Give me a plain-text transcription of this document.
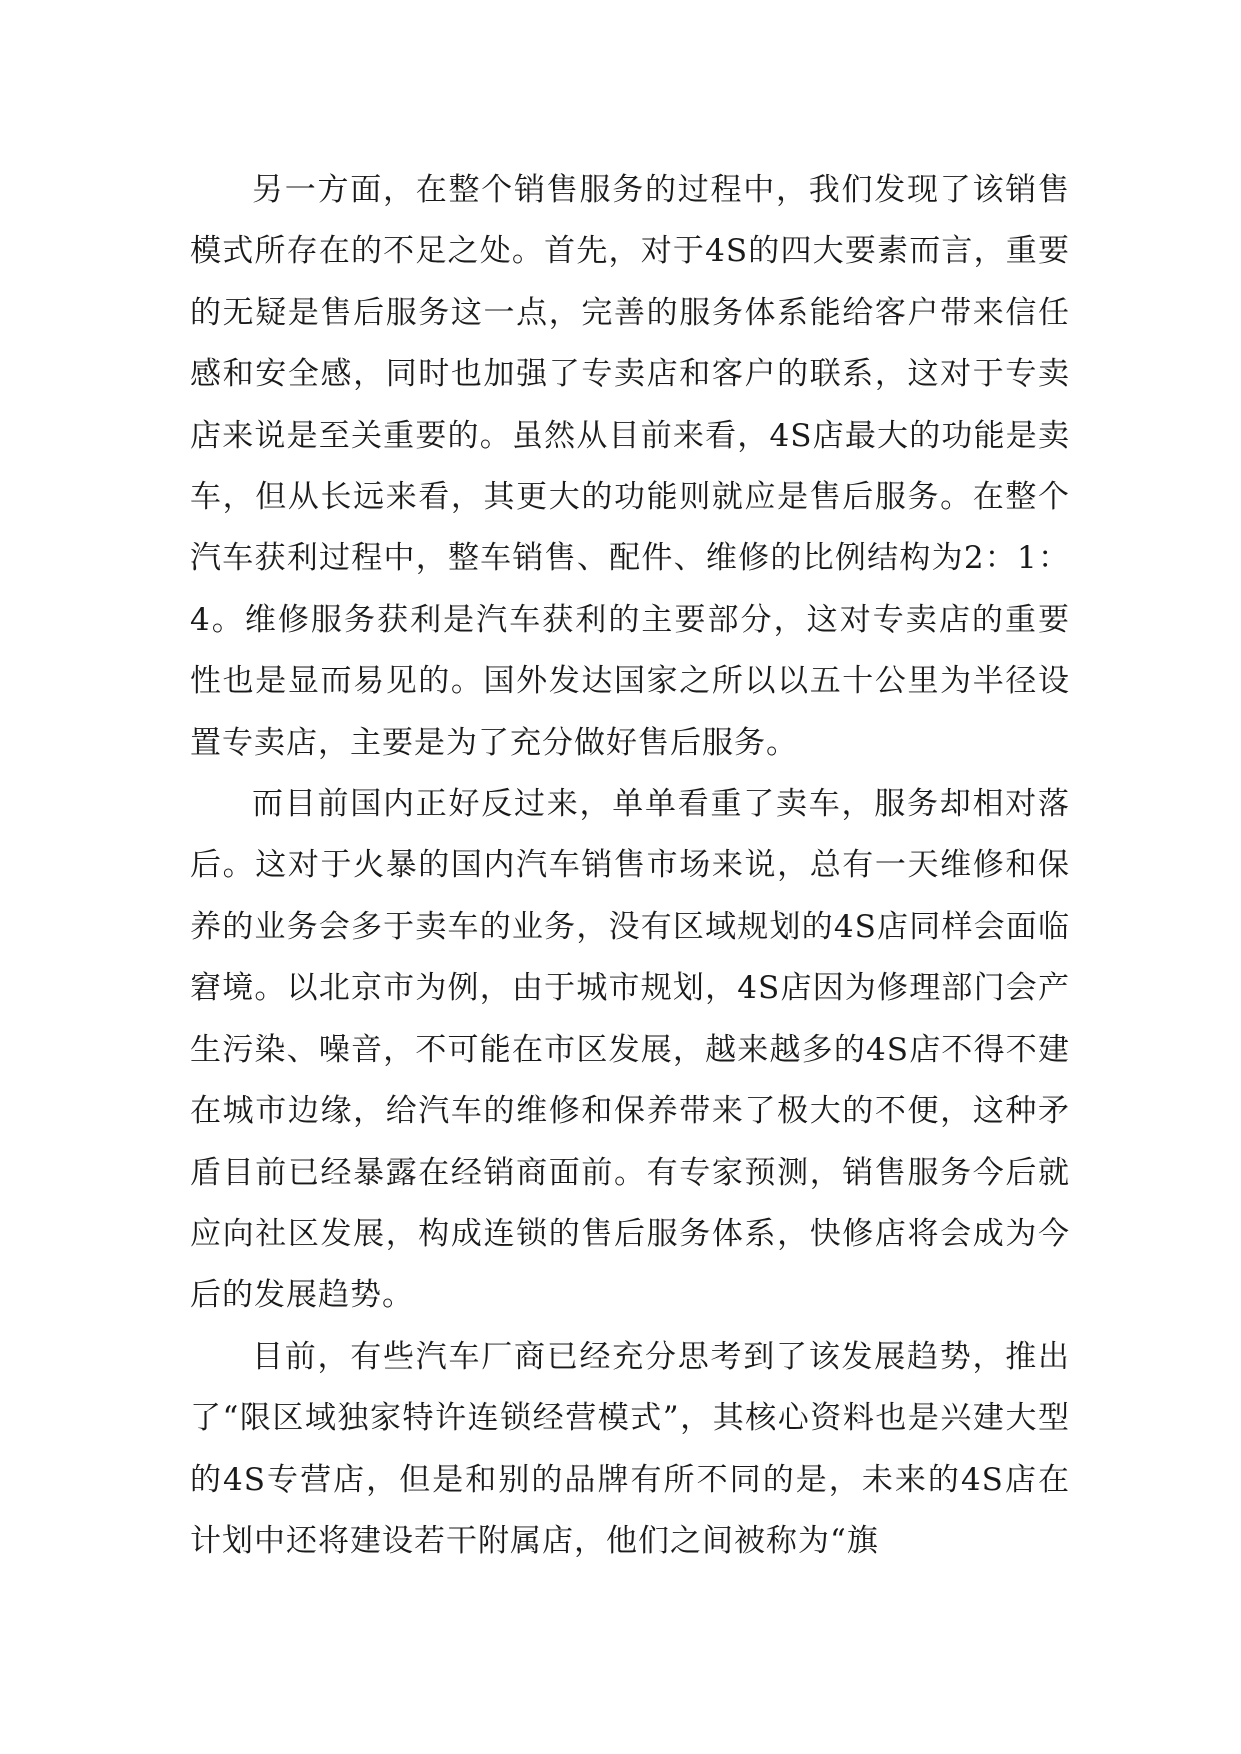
另一方面，在整个销售服务的过程中，我们发现了该销售模式所存在的不足之处。首先，对于4S的四大要素而言，重要的无疑是售后服务这一点，完善的服务体系能给客户带来信任感和安全感，同时也加强了专卖店和客户的联系，这对于专卖店来说是至关重要的。虽然从目前来看，4S店最大的功能是卖车，但从长远来看，其更大的功能则就应是售后服务。在整个汽车获利过程中，整车销售、配件、维修的比例结构为2：1：4。维修服务获利是汽车获利的主要部分，这对专卖店的重要性也是显而易见的。国外发达国家之所以以五十公里为半径设置专卖店，主要是为了充分做好售后服务。

而目前国内正好反过来，单单看重了卖车，服务却相对落后。这对于火暴的国内汽车销售市场来说，总有一天维修和保养的业务会多于卖车的业务，没有区域规划的4S店同样会面临窘境。以北京市为例，由于城市规划，4S店因为修理部门会产生污染、噪音，不可能在市区发展，越来越多的4S店不得不建在城市边缘，给汽车的维修和保养带来了极大的不便，这种矛盾目前已经暴露在经销商面前。有专家预测，销售服务今后就应向社区发展，构成连锁的售后服务体系，快修店将会成为今后的发展趋势。

目前，有些汽车厂商已经充分思考到了该发展趋势，推出了“限区域独家特许连锁经营模式”，其核心资料也是兴建大型的4S专营店，但是和别的品牌有所不同的是，未来的4S店在计划中还将建设若干附属店，他们之间被称为“旗
